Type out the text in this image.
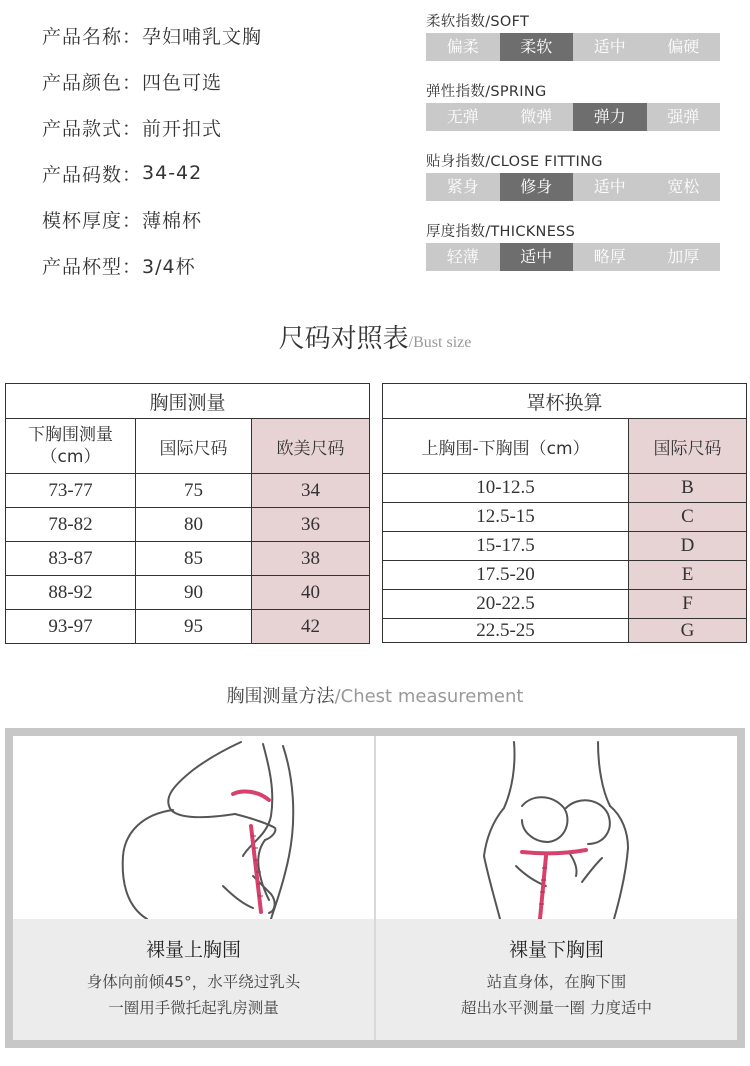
产品名称： 孕妇哺乳文胸
产品颜色： 四色可选
产品款式： 前开扣式
产品码数： 34-42
模杯厚度： 薄棉杯
产品杯型： 3/4杯
柔软指数/SOFT
偏柔	柔软	适中	偏硬
弹性指数/SPRING
无弹	微弹	弹力	强弹
贴身指数/CLOSE FITTING
紧身	修身	适中	宽松
厚度指数/THICKNESS
轻薄	适中	略厚	加厚
尺码对照表/Bust size
胸围测量		
下胸围测量
（cm）	国际尺码	欧美尺码
73-77	75	34
78-82	80	36
83-87	85	38
88-92	90	40
93-97	95	42
罩杯换算	
上胸围-下胸围（cm）	国际尺码
10-12.5	B
12.5-15	C
15-17.5	D
17.5-20	E
20-22.5	F
22.5-25	G
胸围测量方法/Chest measurement
裸量上胸围
身体向前倾45°，水平绕过乳头
一圈用手微托起乳房测量
裸量下胸围
站直身体，在胸下围
超出水平测量一圈 力度适中
